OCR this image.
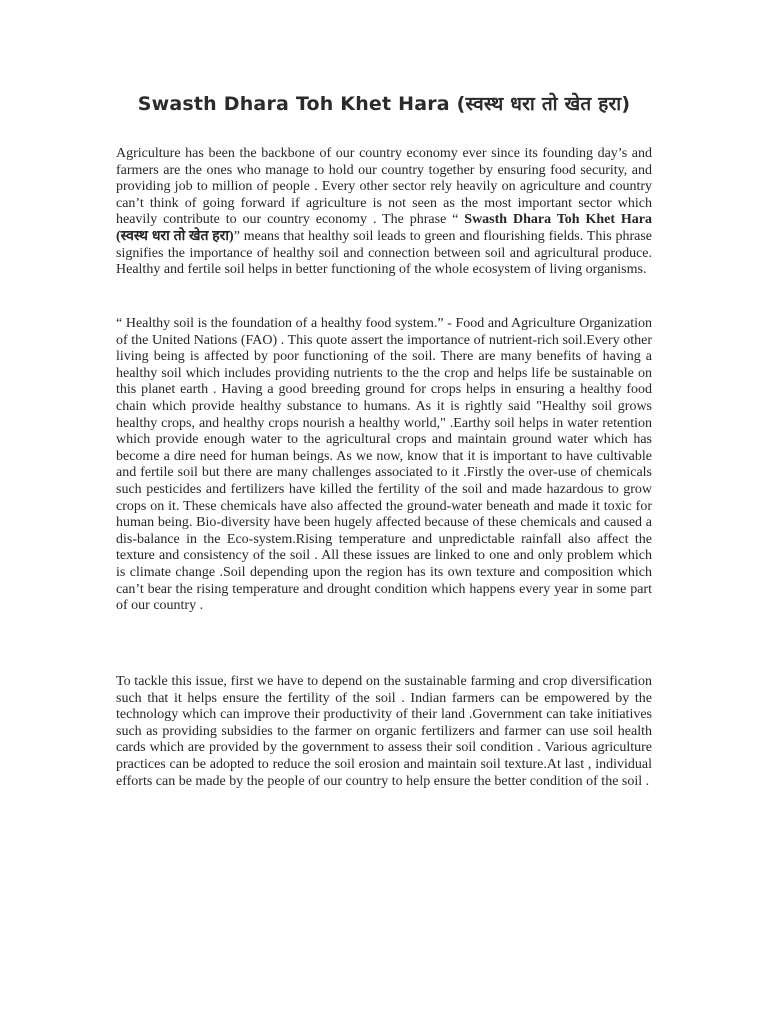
Swasth Dhara Toh Khet Hara (स्वस्थ धरा तो खेत हरा)

Agriculture has been the backbone of our country economy ever since its founding day’s and farmers are the ones who manage to hold our country together by ensuring food security, and providing job to million of people . Every other sector rely heavily on agriculture and country can’t think of going forward if agriculture is not seen as the most important sector which heavily contribute to our country economy . The phrase “ Swasth Dhara Toh Khet Hara (स्वस्थ धरा तो खेत हरा)” means that healthy soil leads to green and flourishing fields. This phrase signifies the importance of healthy soil and connection between soil and agricultural produce. Healthy and fertile soil helps in better functioning of the whole ecosystem of living organisms.

“ Healthy soil is the foundation of a healthy food system.” - Food and Agriculture Organization of the United Nations (FAO) . This quote assert the importance of nutrient-rich soil.Every other living being is affected by poor functioning of the soil. There are many benefits of having a healthy soil which includes providing nutrients to the the crop and helps life be sustainable on this planet earth . Having a good breeding ground for crops helps in ensuring a healthy food chain which provide healthy substance to humans. As it is rightly said "Healthy soil grows healthy crops, and healthy crops nourish a healthy world," .Earthy soil helps in water retention which provide enough water to the agricultural crops and maintain ground water which has become a dire need for human beings. As we now, know that it is important to have cultivable and fertile soil but there are many challenges associated to it .Firstly the over-use of chemicals such pesticides and fertilizers have killed the fertility of the soil and made hazardous to grow crops on it. These chemicals have also affected the ground-water beneath and made it toxic for human being. Bio-diversity have been hugely affected because of these chemicals and caused a dis-balance in the Eco-system.Rising temperature and unpredictable rainfall also affect the texture and consistency of the soil . All these issues are linked to one and only problem which is climate change .Soil depending upon the region has its own texture and composition which can’t bear the rising temperature and drought condition which happens every year in some part of our country .

To tackle this issue, first we have to depend on the sustainable farming and crop diversification such that it helps ensure the fertility of the soil . Indian farmers can be empowered by the technology which can improve their productivity of their land .Government can take initiatives such as providing subsidies to the farmer on organic fertilizers and farmer can use soil health cards which are provided by the government to assess their soil condition . Various agriculture practices can be adopted to reduce the soil erosion and maintain soil texture.At last , individual efforts can be made by the people of our country to help ensure the better condition of the soil .
